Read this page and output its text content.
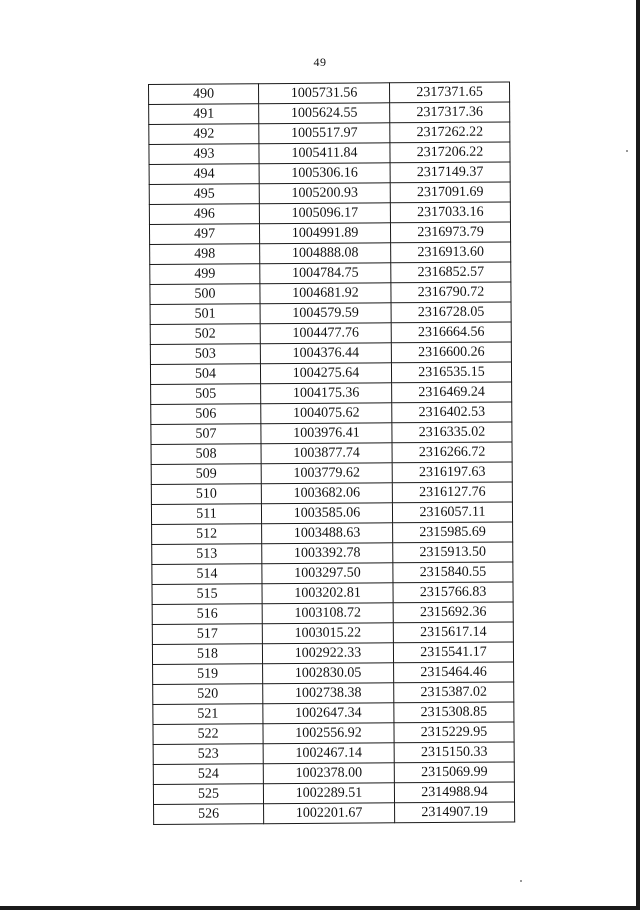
49
490	1005731.56	2317371.65
491	1005624.55	2317317.36
492	1005517.97	2317262.22
493	1005411.84	2317206.22
494	1005306.16	2317149.37
495	1005200.93	2317091.69
496	1005096.17	2317033.16
497	1004991.89	2316973.79
498	1004888.08	2316913.60
499	1004784.75	2316852.57
500	1004681.92	2316790.72
501	1004579.59	2316728.05
502	1004477.76	2316664.56
503	1004376.44	2316600.26
504	1004275.64	2316535.15
505	1004175.36	2316469.24
506	1004075.62	2316402.53
507	1003976.41	2316335.02
508	1003877.74	2316266.72
509	1003779.62	2316197.63
510	1003682.06	2316127.76
511	1003585.06	2316057.11
512	1003488.63	2315985.69
513	1003392.78	2315913.50
514	1003297.50	2315840.55
515	1003202.81	2315766.83
516	1003108.72	2315692.36
517	1003015.22	2315617.14
518	1002922.33	2315541.17
519	1002830.05	2315464.46
520	1002738.38	2315387.02
521	1002647.34	2315308.85
522	1002556.92	2315229.95
523	1002467.14	2315150.33
524	1002378.00	2315069.99
525	1002289.51	2314988.94
526	1002201.67	2314907.19
